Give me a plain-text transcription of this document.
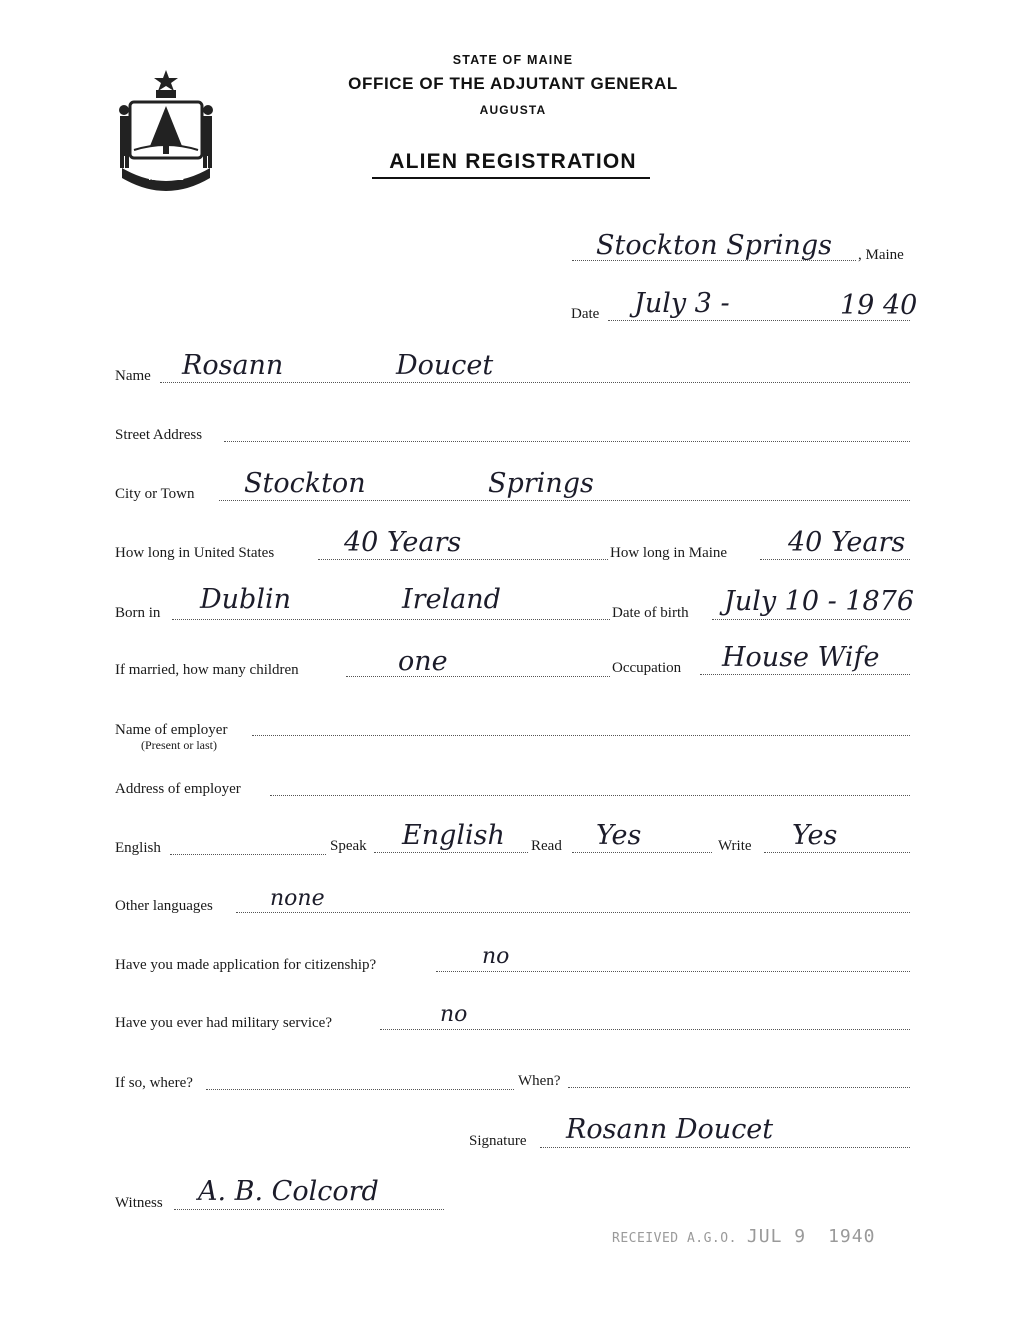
MAINE
STATE OF MAINE
OFFICE OF THE ADJUTANT GENERAL
AUGUSTA
ALIEN REGISTRATION
Stockton Springs , Maine
Date July 3 -	19 40
Name Rosann	Doucet
Street Address
City or Town Stockton	Springs
How long in United States	40 Years	How long in Maine 40 Years
Born in Dublin	Ireland	Date of birth July 10 - 1876
If married, how many children	one	Occupation House Wife
Name of employer
(Present or last)
Address of employer
English	Speak English Read Yes	Write Yes
Other languages	none
Have you made application for citizenship?	no
Have you ever had military service?	no
If so, where?	When?
Signature Rosann Doucet
Witness A. B. Colcord
RECEIVED A.G.O. JUL 9 1940
